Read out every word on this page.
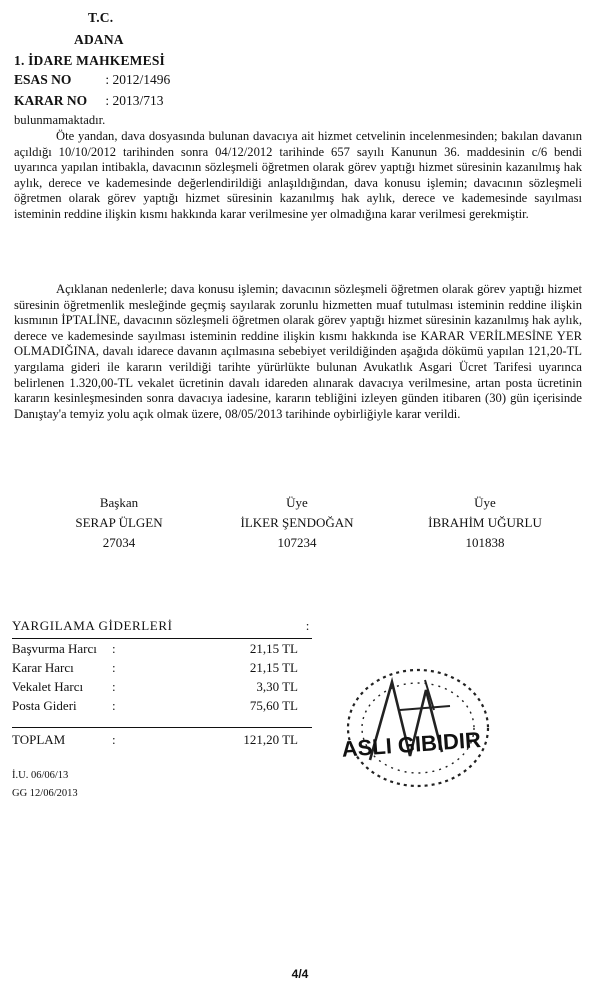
T.C.
ADANA
1. İDARE MAHKEMESİ
ESAS NO	: 2012/1496
KARAR NO : 2013/713
bulunmamaktadır.
Öte yandan, dava dosyasında bulunan davacıya ait hizmet cetvelinin incelenmesinden; bakılan davanın açıldığı 10/10/2012 tarihinden sonra 04/12/2012 tarihinde 657 sayılı Kanunun 36. maddesinin c/6 bendi uyarınca yapılan intibakla, davacının sözleşmeli öğretmen olarak görev yaptığı hizmet süresinin kazanılmış hak aylık, derece ve kademesinde değerlendirildiği anlaşıldığından, dava konusu işlemin; davacının sözleşmeli öğretmen olarak görev yaptığı hizmet süresinin kazanılmış hak aylık, derece ve kademesinde sayılması isteminin reddine ilişkin kısmı hakkında karar verilmesine yer olmadığına karar verilmesi gerekmiştir.
Açıklanan nedenlerle; dava konusu işlemin; davacının sözleşmeli öğretmen olarak görev yaptığı hizmet süresinin öğretmenlik mesleğinde geçmiş sayılarak zorunlu hizmetten muaf tutulması isteminin reddine ilişkin kısmının İPTALİNE, davacının sözleşmeli öğretmen olarak görev yaptığı hizmet süresinin kazanılmış hak aylık, derece ve kademesinde sayılması isteminin reddine ilişkin kısmı hakkında ise KARAR VERİLMESİNE YER OLMADIĞINA, davalı idarece davanın açılmasına sebebiyet verildiğinden aşağıda dökümü yapılan 121,20-TL yargılama gideri ile kararın verildiği tarihte yürürlükte bulunan Avukatlık Asgari Ücret Tarifesi uyarınca belirlenen 1.320,00-TL vekalet ücretinin davalı idareden alınarak davacıya verilmesine, artan posta ücretinin kararın kesinleşmesinden sonra davacıya iadesine, kararın tebliğini izleyen günden itibaren (30) gün içerisinde Danıştay'a temyiz yolu açık olmak üzere, 08/05/2013 tarihinde oybirliğiyle karar verildi.
Başkan
SERAP ÜLGEN
27034
Üye
İLKER ŞENDOĞAN
107234
Üye
İBRAHİM UĞURLU
101838
YARGILAMA GİDERLERİ	:
Başvurma Harcı :	21,15 TL
Karar Harcı	:	21,15 TL
Vekalet Harcı :	3,30 TL
Posta Gideri	:	75,60 TL
TOPLAM	:	121,20 TL
İ.U. 06/06/13
GG 12/06/2013
ASLI GIBIDIR
4/4
